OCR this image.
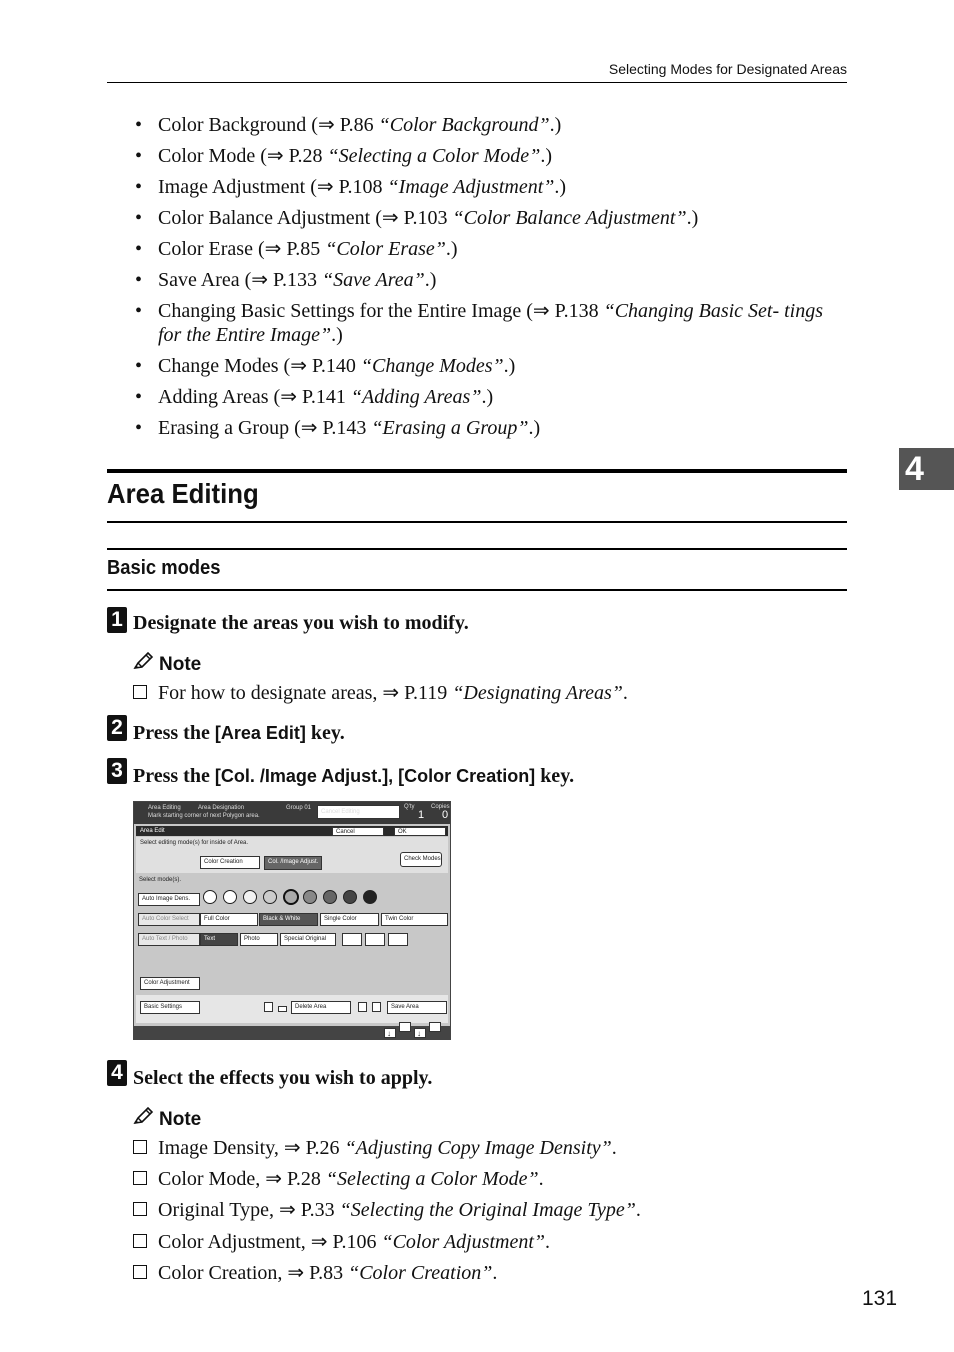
Selecting Modes for Designated Areas
• Color Background (⇒ P.86 “Color Background”.)
• Color Mode (⇒ P.28 “Selecting a Color Mode”.)
• Image Adjustment (⇒ P.108 “Image Adjustment”.)
• Color Balance Adjustment (⇒ P.103 “Color Balance Adjustment”.)
• Color Erase (⇒ P.85 “Color Erase”.)
• Save Area (⇒ P.133 “Save Area”.)
• Changing Basic Settings for the Entire Image (⇒ P.138 “Changing Basic Set- tings for the Entire Image”.)
• Change Modes (⇒ P.140 “Change Modes”.)
• Adding Areas (⇒ P.141 “Adding Areas”.)
• Erasing a Group (⇒ P.143 “Erasing a Group”.)
4
Area Editing
Basic modes
1 Designate the areas you wish to modify.
Note
For how to designate areas, ⇒ P.119 “Designating Areas”.
2 Press the [Area Edit] key.
3 Press the [Col. /Image Adjust.], [Color Creation] key.
Area Editing	Area Designation	Group 01
Mark starting corner of next Polygon area.
Cancel Editing
Q'ty
1
Copies
0
Area Edit	Cancel	OK
Select editing mode(s) for inside of Area.
Color Creation	Col. /Image Adjust.	Check Modes
Select mode(s).
Auto Image Dens.
Auto Color Select	Full Color	Black & White	Single Color	Twin Color
Auto Text / Photo	Text	Photo	Special Original
Color Adjustment
Basic Settings	Delete Area	Save Area
↓	↓
4 Select the effects you wish to apply.
Note
Image Density, ⇒ P.26 “Adjusting Copy Image Density”.
Color Mode, ⇒ P.28 “Selecting a Color Mode”.
Original Type, ⇒ P.33 “Selecting the Original Image Type”.
Color Adjustment, ⇒ P.106 “Color Adjustment”.
Color Creation, ⇒ P.83 “Color Creation”.
131
